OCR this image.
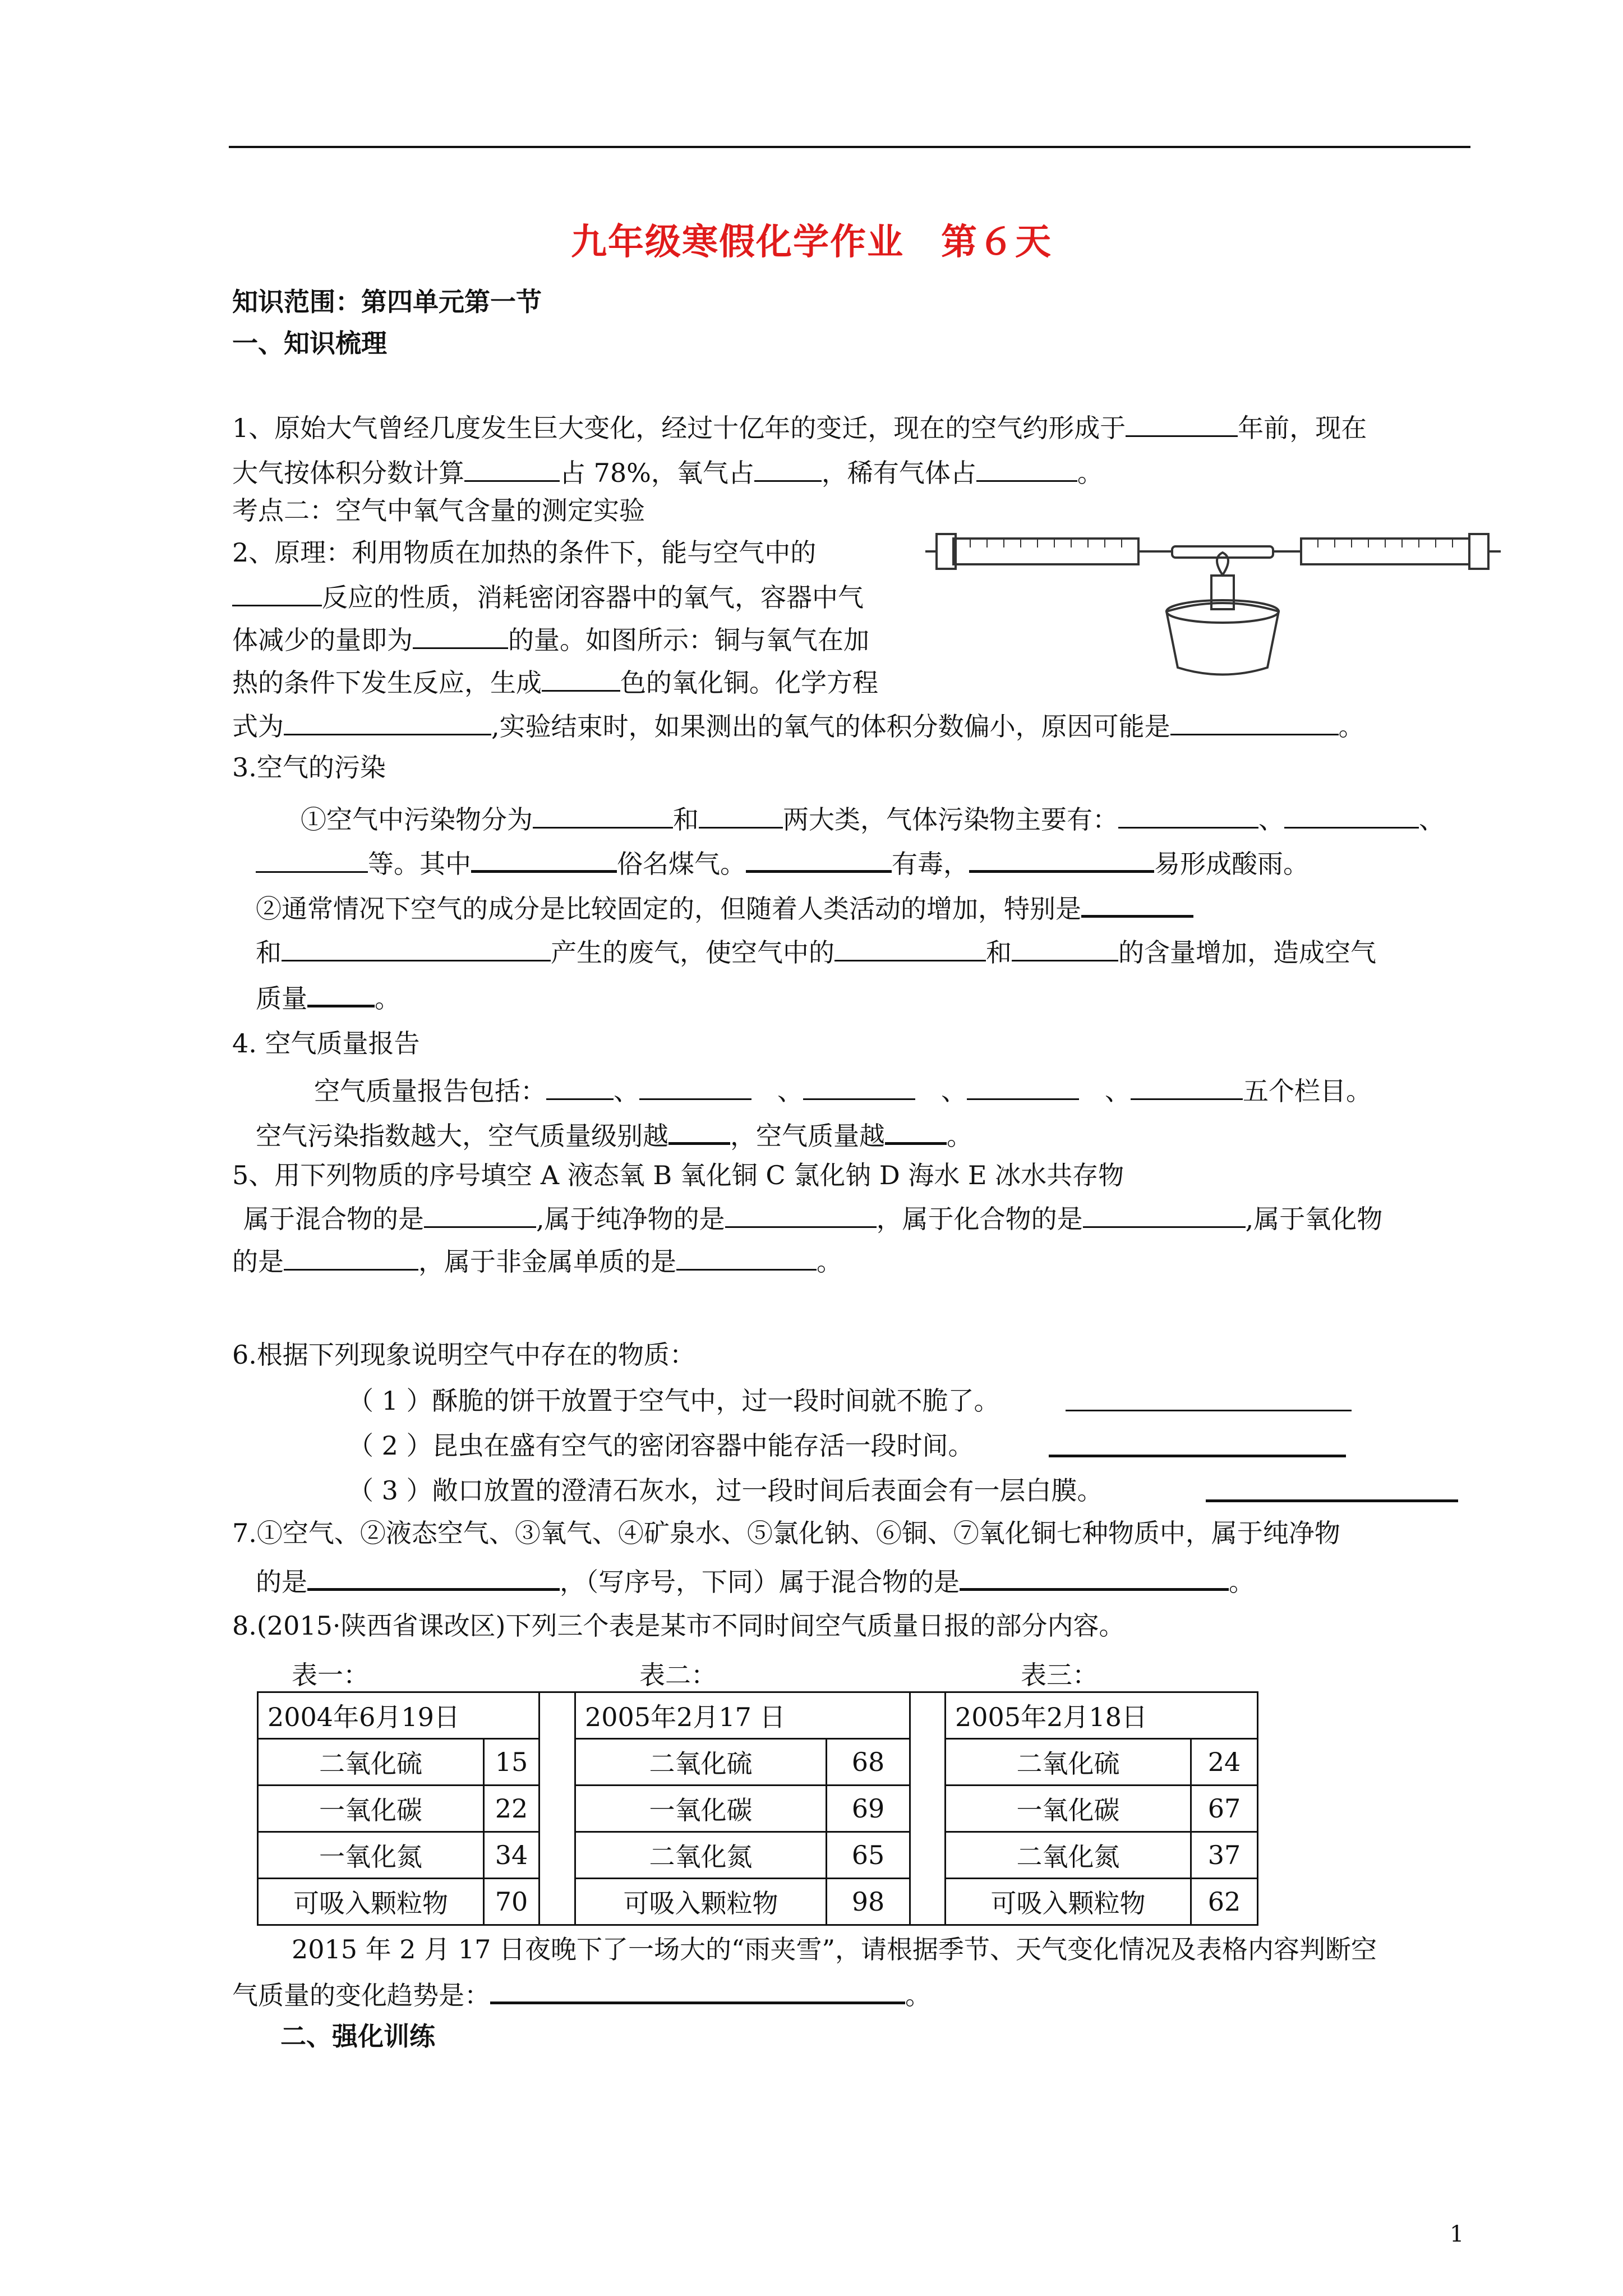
九年级寒假化学作业　第６天
知识范围：第四单元第一节
一、知识梳理
1、原始大气曾经几度发生巨大变化，经过十亿年的变迁，现在的空气约形成于	年前，现在
大气按体积分数计算	占 78%，氧气占	，稀有气体占	。
考点二：空气中氧气含量的测定实验
2、原理：利用物质在加热的条件下，能与空气中的
反应的性质，消耗密闭容器中的氧气，容器中气
体减少的量即为	的量。如图所示：铜与氧气在加
热的条件下发生反应，生成	色的氧化铜。化学方程
式为	,实验结束时，如果测出的氧气的体积分数偏小，原因可能是	。
3.空气的污染
①空气中污染物分为	和	两大类，气体污染物主要有：	、	、
等。其中	俗名煤气。	有毒，	易形成酸雨。
②通常情况下空气的成分是比较固定的，但随着人类活动的增加，特别是
和	产生的废气，使空气中的	和	的含量增加，造成空气
质量	。
4. 空气质量报告
空气质量报告包括：	、　	、　	、　	、	五个栏目。
空气污染指数越大，空气质量级别越 ，空气质量越 。
5、用下列物质的序号填空 A 液态氧 B 氧化铜 C 氯化钠 D 海水 E 冰水共存物
属于混合物的是	,属于纯净物的是	，属于化合物的是	,属于氧化物
的是	，属于非金属单质的是	。
6.根据下列现象说明空气中存在的物质：
（ 1 ）酥脆的饼干放置于空气中，过一段时间就不脆了。
（ 2 ）昆虫在盛有空气的密闭容器中能存活一段时间。
（ 3 ）敞口放置的澄清石灰水，过一段时间后表面会有一层白膜。
7.①空气、②液态空气、③氧气、④矿泉水、⑤氯化钠、⑥铜、⑦氧化铜七种物质中，属于纯净物
的是	，（写序号，下同）属于混合物的是	。
8.(2015·陕西省课改区)下列三个表是某市不同时间空气质量日报的部分内容。
表一：	表二：	表三：
2004年6月19日	
二氧化硫	15
一氧化碳	22
一氧化氮	34
可吸入颗粒物	70
2005年2月17 日	
二氧化硫	68
一氧化碳	69
二氧化氮	65
可吸入颗粒物	98
2005年2月18日	
二氧化硫	24
一氧化碳	67
二氧化氮	37
可吸入颗粒物	62
2015 年 2 月 17 日夜晚下了一场大的“雨夹雪”，请根据季节、天气变化情况及表格内容判断空
气质量的变化趋势是：	。
二、强化训练
1
